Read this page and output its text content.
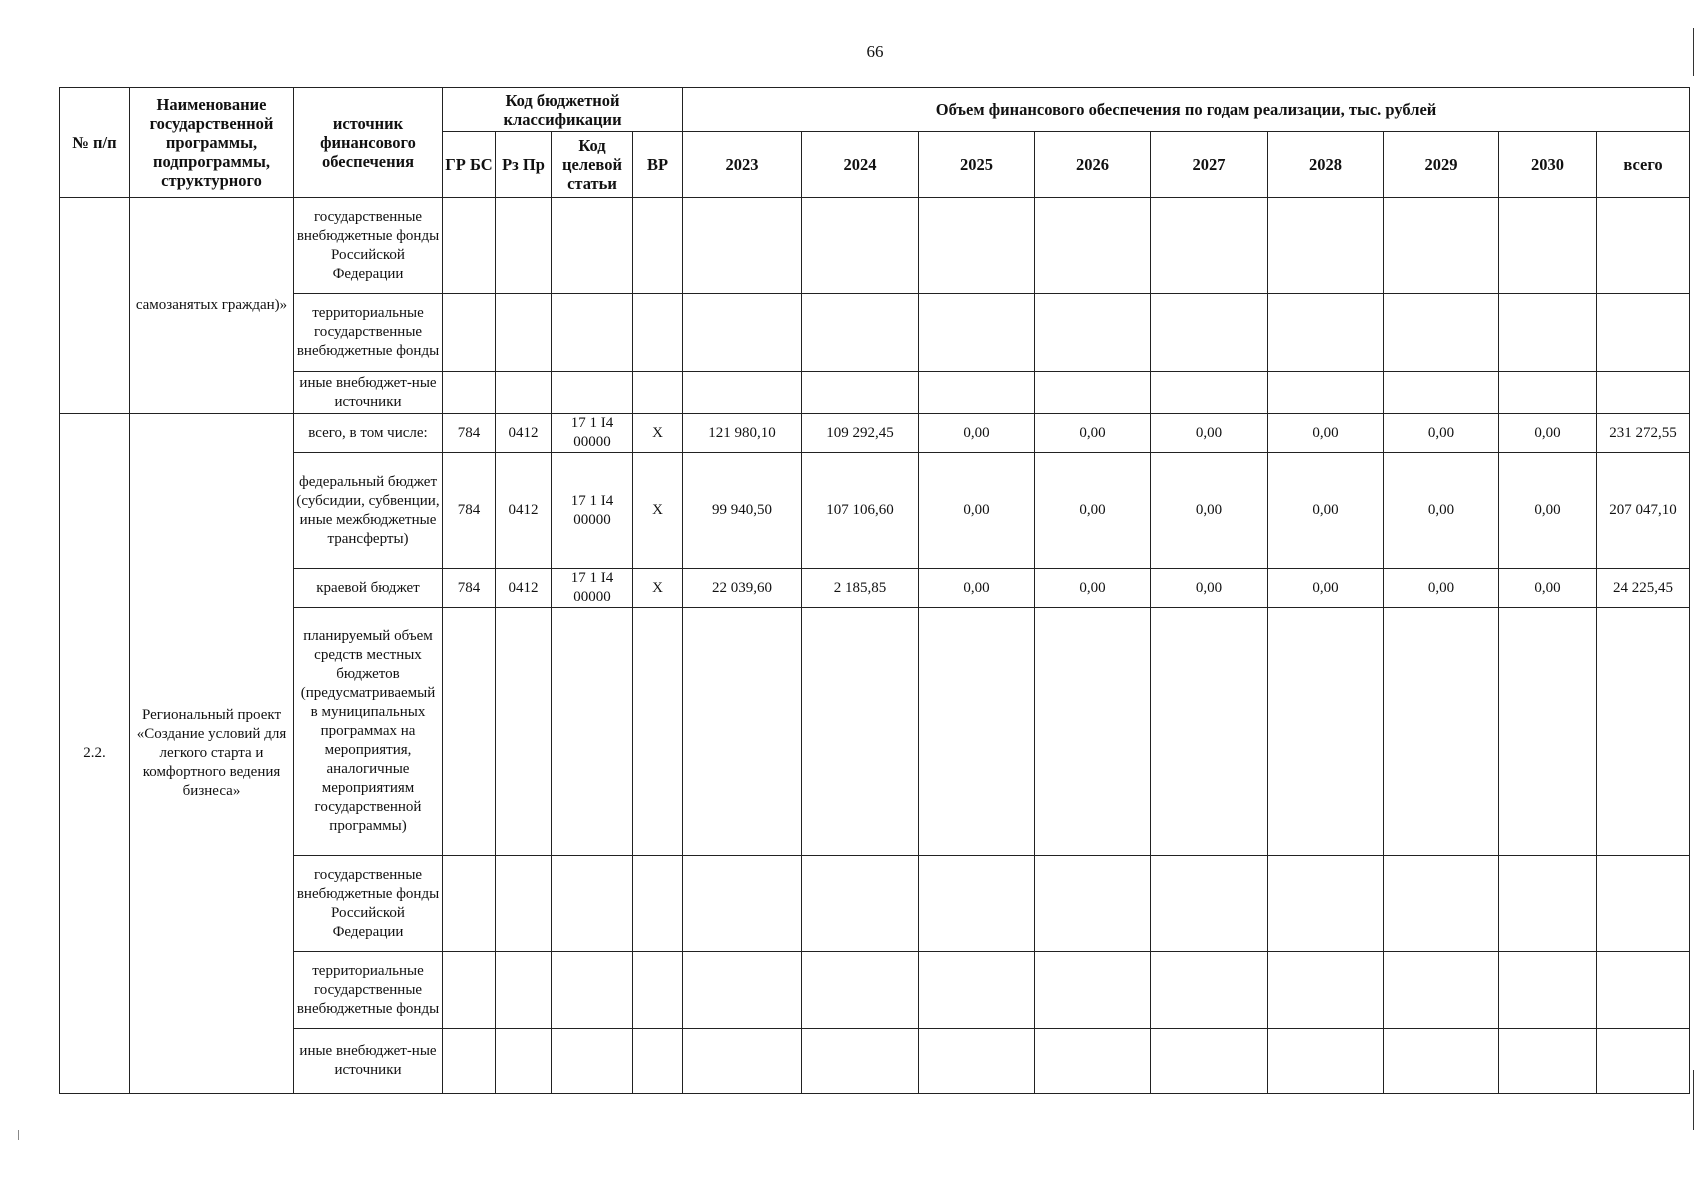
66
№ п/п	Наименование государственной программы, подпрограммы, структурного	источник финансового обеспечения	Код бюджетной классификации				Объем финансового обеспечения по годам реализации, тыс. рублей								
			ГР БС	Рз Пр	Код целевой статьи	ВР	2023	2024	2025	2026	2027	2028	2029	2030	всего
	самозанятых граждан)»	государственные внебюджетные фонды Российской Федерации													
		территориальные государственные внебюджетные фонды													
		иные внебюджет-ные источники													
2.2.	Региональный проект «Создание условий для легкого старта и комфортного ведения бизнеса»	всего, в том числе:	784	0412	17 1 I4 00000	X	121 980,10	109 292,45	0,00	0,00	0,00	0,00	0,00	0,00	231 272,55
		федеральный бюджет (субсидии, субвенции, иные межбюджетные трансферты)	784	0412	17 1 I4 00000	X	99 940,50	107 106,60	0,00	0,00	0,00	0,00	0,00	0,00	207 047,10
		краевой бюджет	784	0412	17 1 I4 00000	X	22 039,60	2 185,85	0,00	0,00	0,00	0,00	0,00	0,00	24 225,45
		планируемый объем средств местных бюджетов (предусматриваемый в муниципальных программах на мероприятия, аналогичные мероприятиям государственной программы)													
		государственные внебюджетные фонды Российской Федерации													
		территориальные государственные внебюджетные фонды													
		иные внебюджет-ные источники													
